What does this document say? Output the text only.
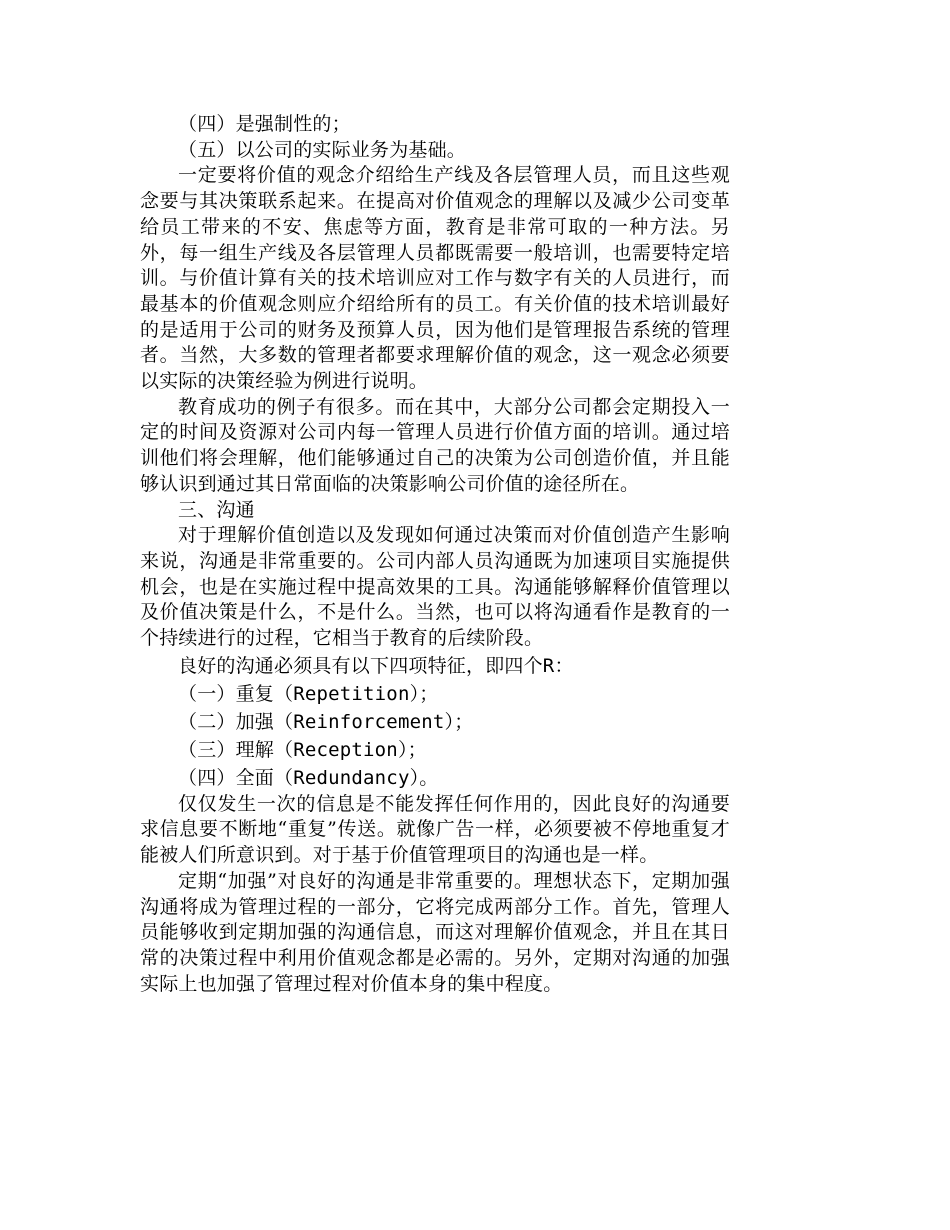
（四）是强制性的；

（五）以公司的实际业务为基础。

一定要将价值的观念介绍给生产线及各层管理人员，而且这些观念要与其决策联系起来。在提高对价值观念的理解以及减少公司变革给员工带来的不安、焦虑等方面，教育是非常可取的一种方法。另外，每一组生产线及各层管理人员都既需要一般培训，也需要特定培训。与价值计算有关的技术培训应对工作与数字有关的人员进行，而最基本的价值观念则应介绍给所有的员工。有关价值的技术培训最好的是适用于公司的财务及预算人员，因为他们是管理报告系统的管理者。当然，大多数的管理者都要求理解价值的观念，这一观念必须要以实际的决策经验为例进行说明。

教育成功的例子有很多。而在其中，大部分公司都会定期投入一定的时间及资源对公司内每一管理人员进行价值方面的培训。通过培训他们将会理解，他们能够通过自己的决策为公司创造价值，并且能够认识到通过其日常面临的决策影响公司价值的途径所在。

三、沟通

对于理解价值创造以及发现如何通过决策而对价值创造产生影响来说，沟通是非常重要的。公司内部人员沟通既为加速项目实施提供机会，也是在实施过程中提高效果的工具。沟通能够解释价值管理以及价值决策是什么，不是什么。当然，也可以将沟通看作是教育的一个持续进行的过程，它相当于教育的后续阶段。

良好的沟通必须具有以下四项特征，即四个R：

（一）重复（Repetition）；

（二）加强（Reinforcement）；

（三）理解（Reception）；

（四）全面（Redundancy）。

仅仅发生一次的信息是不能发挥任何作用的，因此良好的沟通要求信息要不断地“重复”传送。就像广告一样，必须要被不停地重复才能被人们所意识到。对于基于价值管理项目的沟通也是一样。

定期“加强”对良好的沟通是非常重要的。理想状态下，定期加强沟通将成为管理过程的一部分，它将完成两部分工作。首先，管理人员能够收到定期加强的沟通信息，而这对理解价值观念，并且在其日常的决策过程中利用价值观念都是必需的。另外，定期对沟通的加强实际上也加强了管理过程对价值本身的集中程度。
